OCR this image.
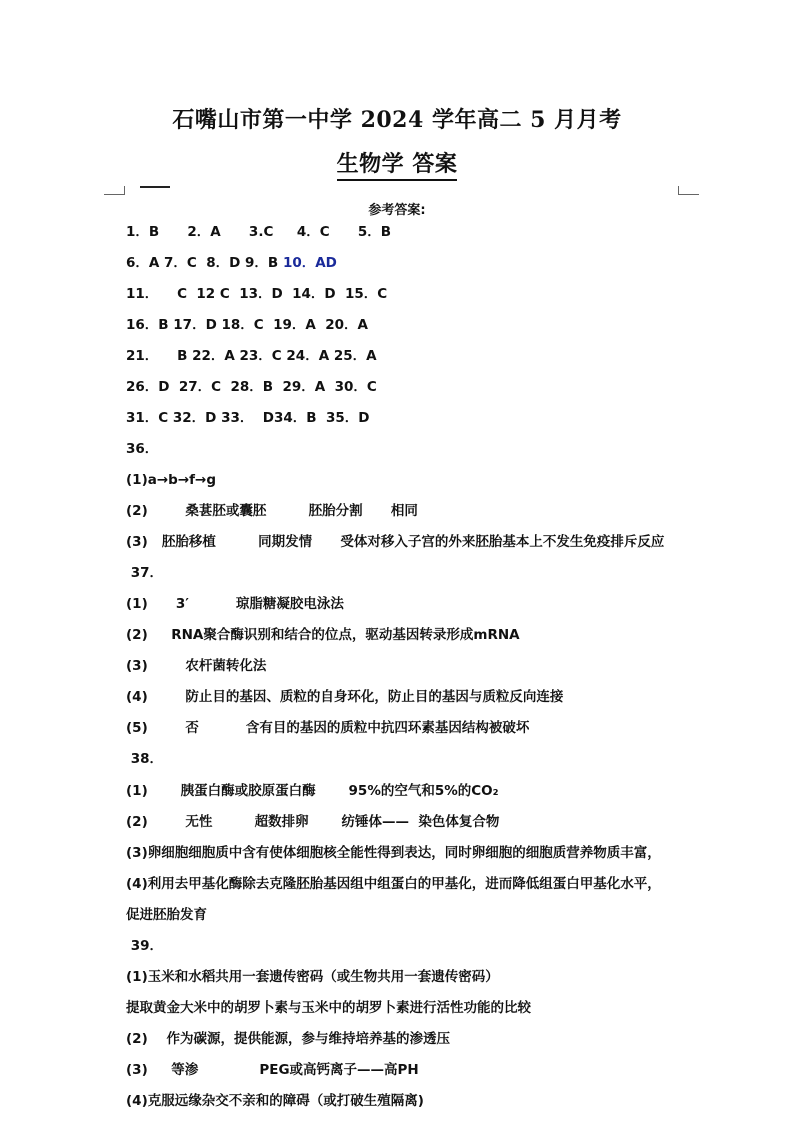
石嘴山市第一中学 2024 学年高二 5 月月考
生物学 答案
参考答案:
1．B      2．A      3.C     4．C      5．B
6．A 7．C  8．D 9．B 10．AD
11．    C  12 C  13．D  14．D  15．C
16．B 17．D 18．C  19．A  20．A
21．    B 22．A 23．C 24．A 25．A
26．D  27．C  28．B  29．A  30．C
31．C 32．D 33．  D34．B  35．D
36．
(1)a→b→f→g
(2)        桑葚胚或囊胚         胚胎分割      相同
(3)   胚胎移植         同期发情      受体对移入子宫的外来胚胎基本上不发生免疫排斥反应
37．
(1)      3′          琼脂糖凝胶电泳法
(2)     RNA聚合酶识别和结合的位点，驱动基因转录形成mRNA
(3)        农杆菌转化法
(4)        防止目的基因、质粒的自身环化，防止目的基因与质粒反向连接
(5)        否          含有目的基因的质粒中抗四环素基因结构被破坏
38．
(1)       胰蛋白酶或胶原蛋白酶       95%的空气和5%的CO₂
(2)        无性         超数排卵       纺锤体——  染色体复合物
(3)卵细胞细胞质中含有使体细胞核全能性得到表达，同时卵细胞的细胞质营养物质丰富，
(4)利用去甲基化酶除去克隆胚胎基因组中组蛋白的甲基化，进而降低组蛋白甲基化水平，
促进胚胎发育
39．
(1)玉米和水稻共用一套遗传密码（或生物共用一套遗传密码）
提取黄金大米中的胡罗卜素与玉米中的胡罗卜素进行活性功能的比较
(2)    作为碳源，提供能源，参与维持培养基的渗透压
(3)     等渗             PEG或高钙离子——高PH
(4)克服远缘杂交不亲和的障碍（或打破生殖隔离)
